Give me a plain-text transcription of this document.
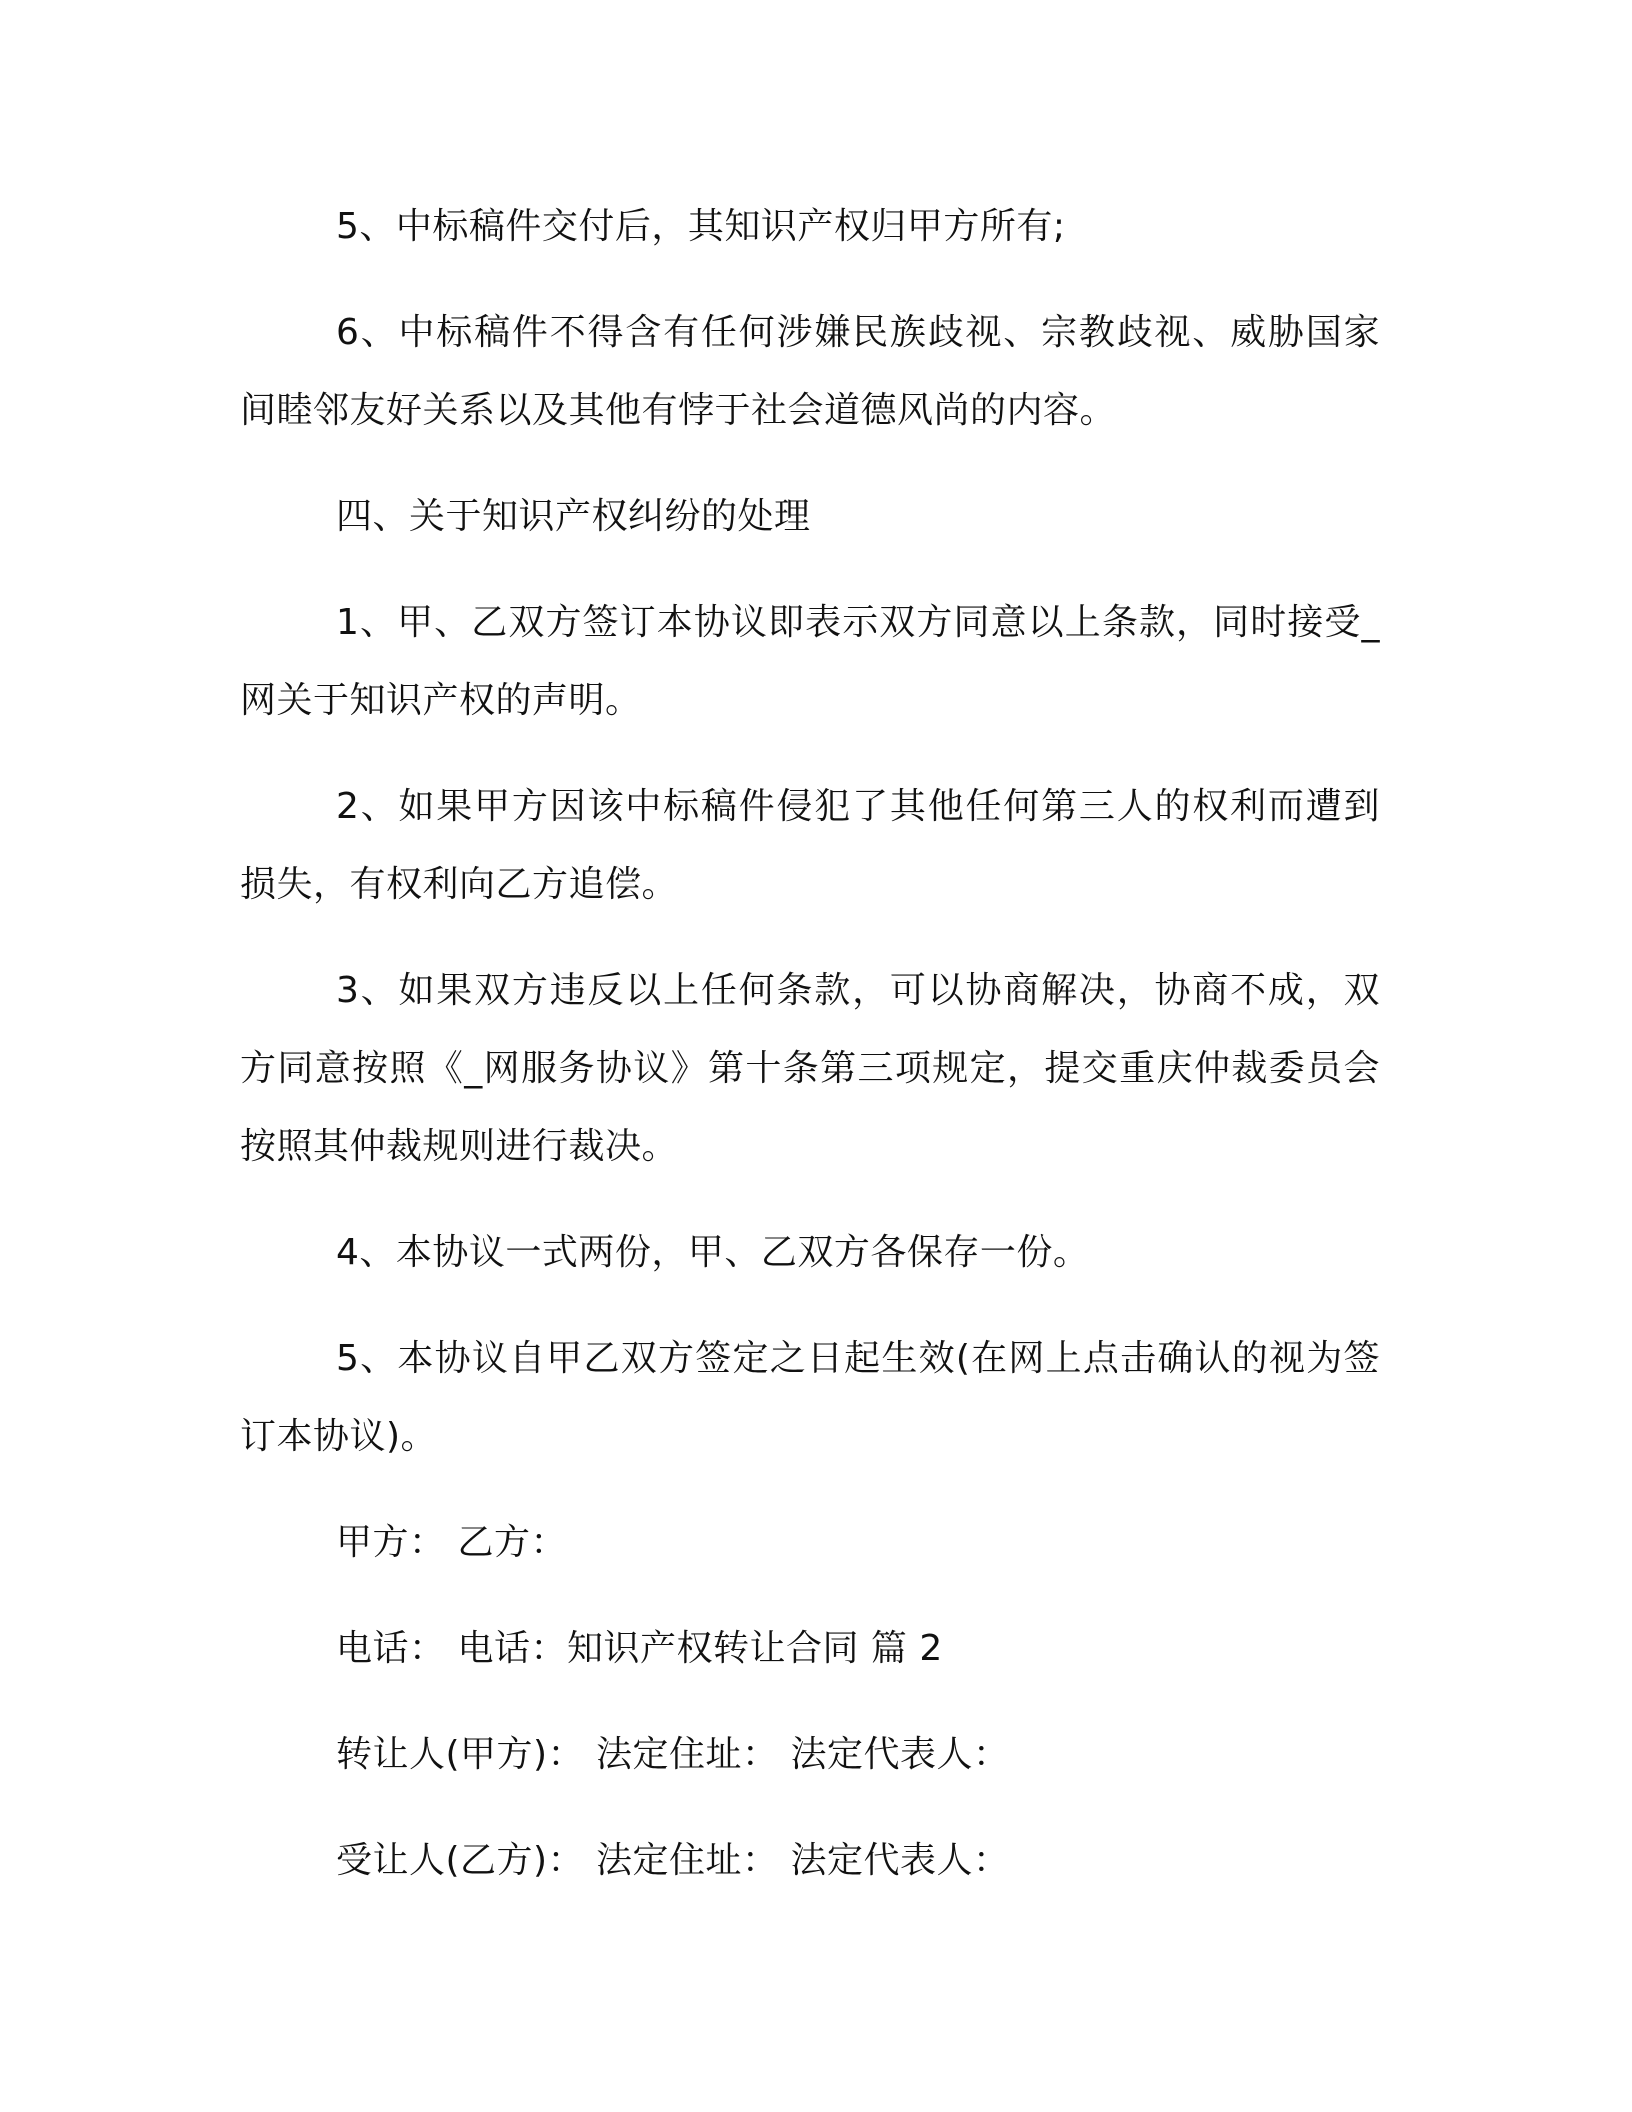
5、中标稿件交付后，其知识产权归甲方所有;

6、中标稿件不得含有任何涉嫌民族歧视、宗教歧视、威胁国家间睦邻友好关系以及其他有悖于社会道德风尚的内容。

四、关于知识产权纠纷的处理

1、甲、乙双方签订本协议即表示双方同意以上条款，同时接受_网关于知识产权的声明。

2、如果甲方因该中标稿件侵犯了其他任何第三人的权利而遭到损失，有权利向乙方追偿。

3、如果双方违反以上任何条款，可以协商解决，协商不成，双方同意按照《_网服务协议》第十条第三项规定，提交重庆仲裁委员会按照其仲裁规则进行裁决。

4、本协议一式两份，甲、乙双方各保存一份。

5、本协议自甲乙双方签定之日起生效(在网上点击确认的视为签订本协议)。

甲方： 乙方：

电话： 电话：知识产权转让合同 篇 2

转让人(甲方)： 法定住址： 法定代表人：

受让人(乙方)： 法定住址： 法定代表人：
